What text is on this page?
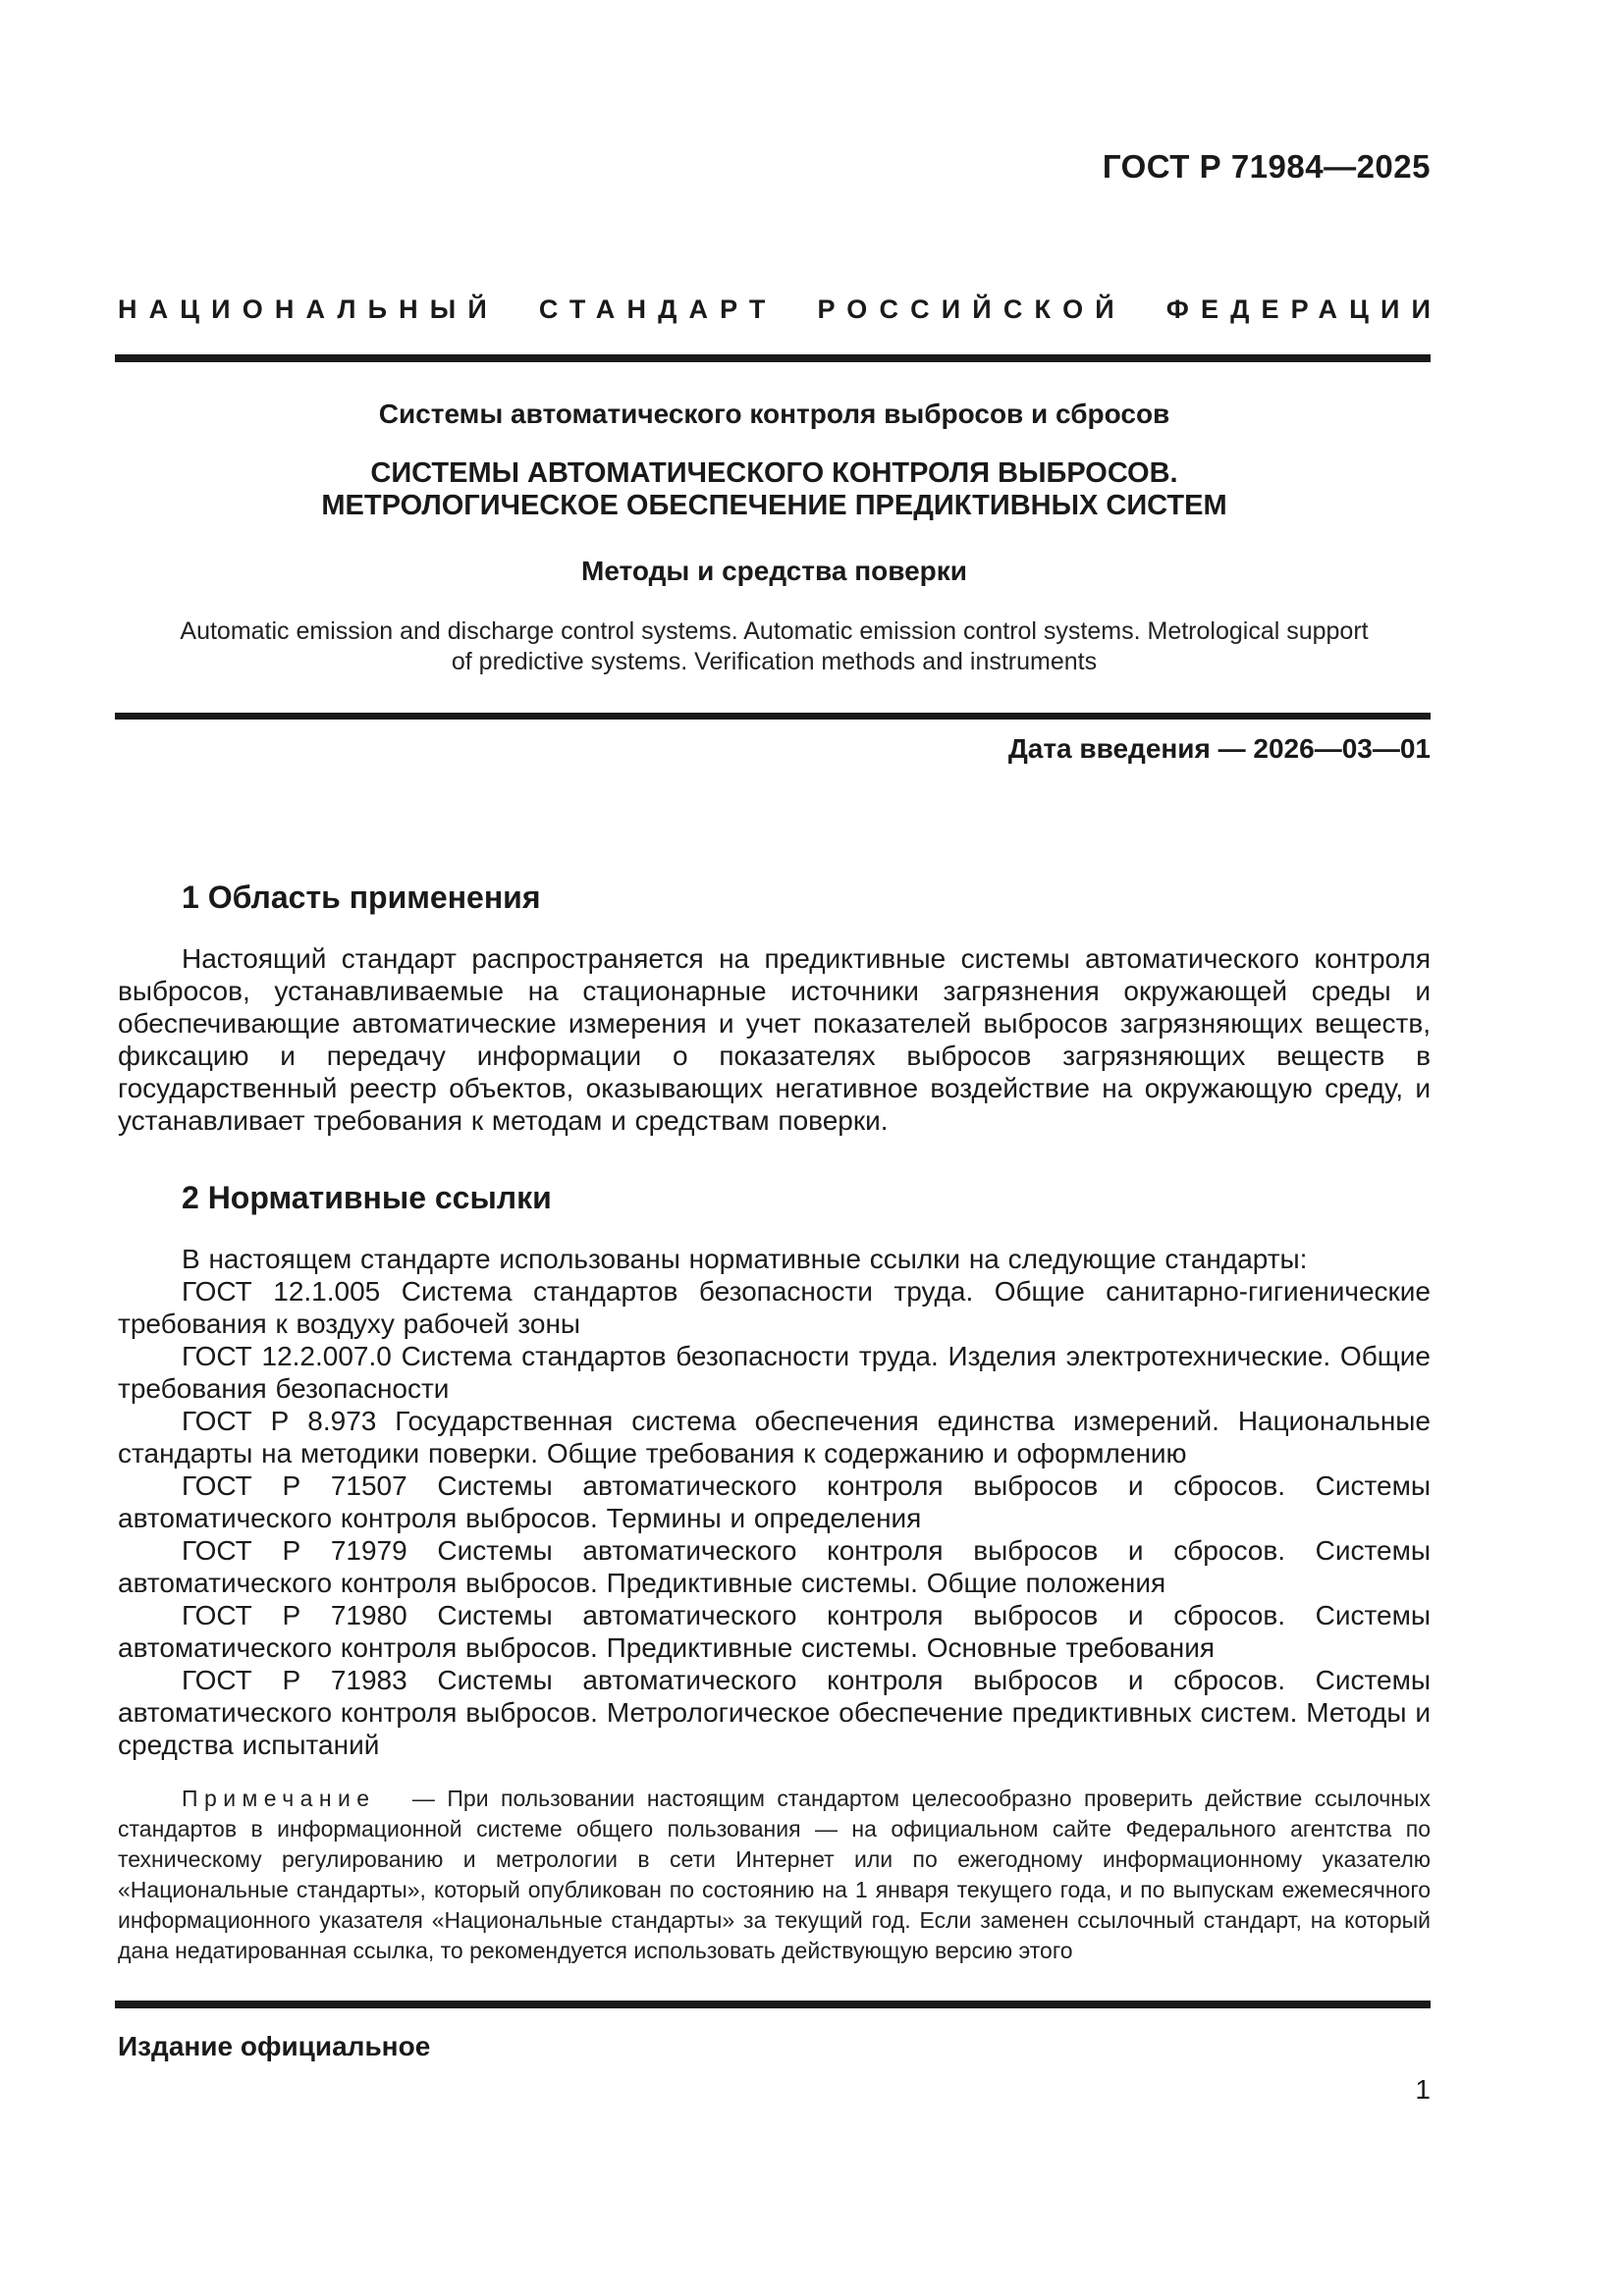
ГОСТ Р 71984—2025
НАЦИОНАЛЬНЫЙ СТАНДАРТ РОССИЙСКОЙ ФЕДЕРАЦИИ
Системы автоматического контроля выбросов и сбросов
СИСТЕМЫ АВТОМАТИЧЕСКОГО КОНТРОЛЯ ВЫБРОСОВ.
МЕТРОЛОГИЧЕСКОЕ ОБЕСПЕЧЕНИЕ ПРЕДИКТИВНЫХ СИСТЕМ
Методы и средства поверки
Automatic emission and discharge control systems. Automatic emission control systems. Metrological support
of predictive systems. Verification methods and instruments
Дата введения — 2026—03—01
1 Область применения

Настоящий стандарт распространяется на предиктивные системы автоматического контроля выбросов, устанавливаемые на стационарные источники загрязнения окружающей среды и обеспечивающие автоматические измерения и учет показателей выбросов загрязняющих веществ, фиксацию и передачу информации о показателях выбросов загрязняющих веществ в государственный реестр объектов, оказывающих негативное воздействие на окружающую среду, и устанавливает требования к методам и средствам поверки.

2 Нормативные ссылки

В настоящем стандарте использованы нормативные ссылки на следующие стандарты:

ГОСТ 12.1.005 Система стандартов безопасности труда. Общие санитарно-гигиенические требования к воздуху рабочей зоны

ГОСТ 12.2.007.0 Система стандартов безопасности труда. Изделия электротехнические. Общие требования безопасности

ГОСТ Р 8.973 Государственная система обеспечения единства измерений. Национальные стандарты на методики поверки. Общие требования к содержанию и оформлению

ГОСТ Р 71507 Системы автоматического контроля выбросов и сбросов. Системы автоматического контроля выбросов. Термины и определения

ГОСТ Р 71979 Системы автоматического контроля выбросов и сбросов. Системы автоматического контроля выбросов. Предиктивные системы. Общие положения

ГОСТ Р 71980 Системы автоматического контроля выбросов и сбросов. Системы автоматического контроля выбросов. Предиктивные системы. Основные требования

ГОСТ Р 71983 Системы автоматического контроля выбросов и сбросов. Системы автоматического контроля выбросов. Метрологическое обеспечение предиктивных систем. Методы и средства испытаний

Примечание — При пользовании настоящим стандартом целесообразно проверить действие ссылочных стандартов в информационной системе общего пользования — на официальном сайте Федерального агентства по техническому регулированию и метрологии в сети Интернет или по ежегодному информационному указателю «Национальные стандарты», который опубликован по состоянию на 1 января текущего года, и по выпускам ежемесячного информационного указателя «Национальные стандарты» за текущий год. Если заменен ссылочный стандарт, на который дана недатированная ссылка, то рекомендуется использовать действующую версию этого

Издание официальное
1
